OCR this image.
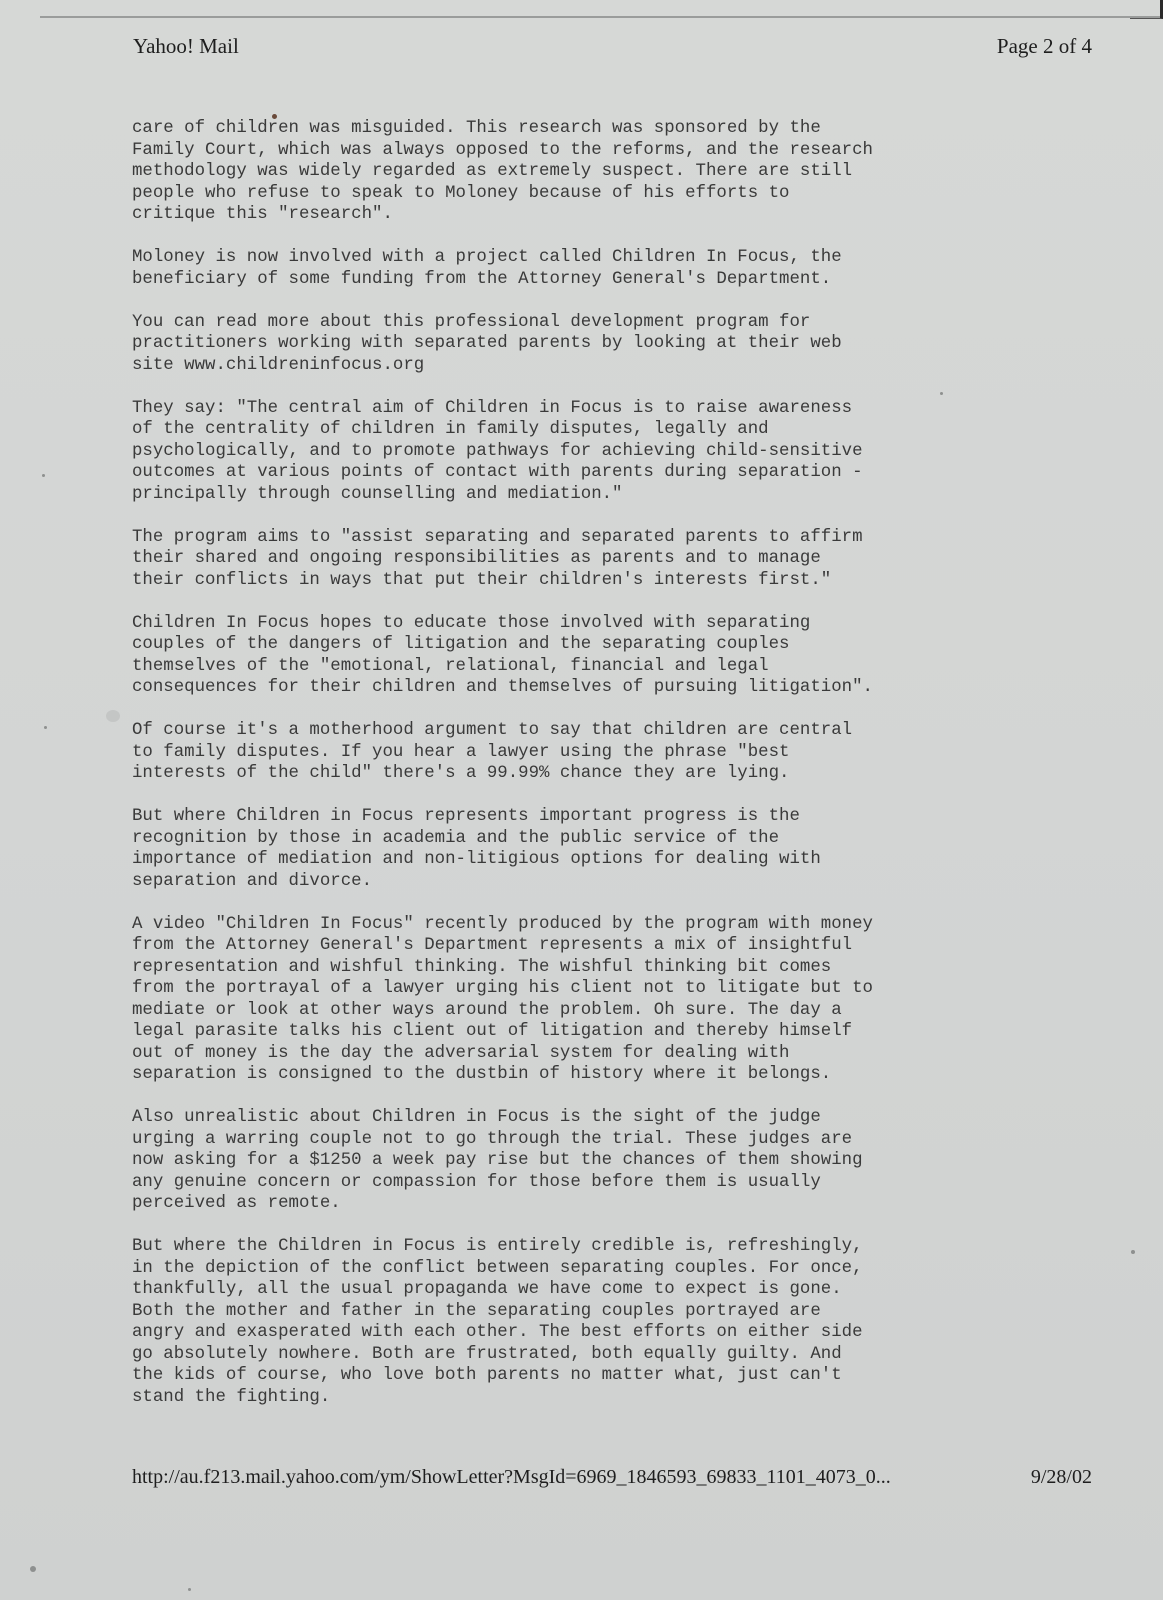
Yahoo! Mail	Page 2 of 4
care of children was misguided. This research was sponsored by the
Family Court, which was always opposed to the reforms, and the research
methodology was widely regarded as extremely suspect. There are still
people who refuse to speak to Moloney because of his efforts to
critique this "research".
Moloney is now involved with a project called Children In Focus, the
beneficiary of some funding from the Attorney General's Department.
You can read more about this professional development program for
practitioners working with separated parents by looking at their web
site www.childreninfocus.org
They say: "The central aim of Children in Focus is to raise awareness
of the centrality of children in family disputes, legally and
psychologically, and to promote pathways for achieving child-sensitive
outcomes at various points of contact with parents during separation -
principally through counselling and mediation."
The program aims to "assist separating and separated parents to affirm
their shared and ongoing responsibilities as parents and to manage
their conflicts in ways that put their children's interests first."
Children In Focus hopes to educate those involved with separating
couples of the dangers of litigation and the separating couples
themselves of the "emotional, relational, financial and legal
consequences for their children and themselves of pursuing litigation".
Of course it's a motherhood argument to say that children are central
to family disputes. If you hear a lawyer using the phrase "best
interests of the child" there's a 99.99% chance they are lying.
But where Children in Focus represents important progress is the
recognition by those in academia and the public service of the
importance of mediation and non-litigious options for dealing with
separation and divorce.
A video "Children In Focus" recently produced by the program with money
from the Attorney General's Department represents a mix of insightful
representation and wishful thinking. The wishful thinking bit comes
from the portrayal of a lawyer urging his client not to litigate but to
mediate or look at other ways around the problem. Oh sure. The day a
legal parasite talks his client out of litigation and thereby himself
out of money is the day the adversarial system for dealing with
separation is consigned to the dustbin of history where it belongs.
Also unrealistic about Children in Focus is the sight of the judge
urging a warring couple not to go through the trial. These judges are
now asking for a $1250 a week pay rise but the chances of them showing
any genuine concern or compassion for those before them is usually
perceived as remote.
But where the Children in Focus is entirely credible is, refreshingly,
in the depiction of the conflict between separating couples. For once,
thankfully, all the usual propaganda we have come to expect is gone.
Both the mother and father in the separating couples portrayed are
angry and exasperated with each other. The best efforts on either side
go absolutely nowhere. Both are frustrated, both equally guilty. And
the kids of course, who love both parents no matter what, just can't
stand the fighting.
http://au.f213.mail.yahoo.com/ym/ShowLetter?MsgId=6969_1846593_69833_1101_4073_0...	9/28/02
